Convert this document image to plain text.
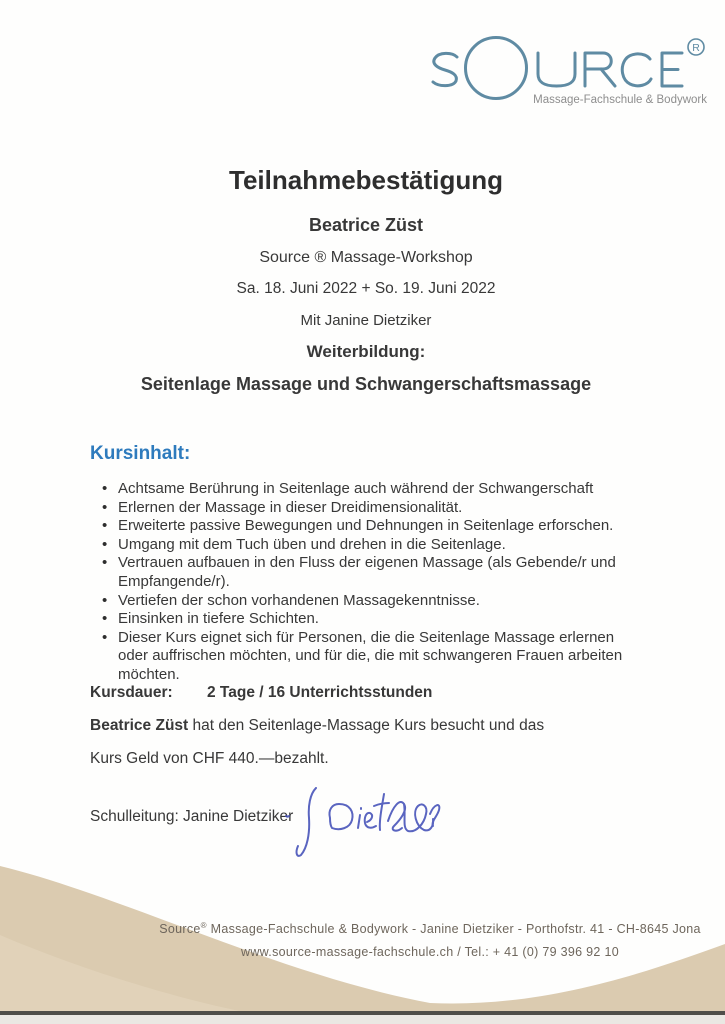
R
Massage-Fachschule & Bodywork
Teilnahmebestätigung
Beatrice Züst
Source ® Massage-Workshop
Sa. 18. Juni 2022 + So. 19. Juni 2022
Mit Janine Dietziker
Weiterbildung:
Seitenlage Massage und Schwangerschaftsmassage
Kursinhalt:
• Achtsame Berührung in Seitenlage auch während der Schwangerschaft
• Erlernen der Massage in dieser Dreidimensionalität.
• Erweiterte passive Bewegungen und Dehnungen in Seitenlage erforschen.
• Umgang mit dem Tuch üben und drehen in die Seitenlage.
• Vertrauen aufbauen in den Fluss der eigenen Massage (als Gebende/r und Empfangende/r).
• Vertiefen der schon vorhandenen Massagekenntnisse.
• Einsinken in tiefere Schichten.
• Dieser Kurs eignet sich für Personen, die die Seitenlage Massage erlernen oder auffrischen möchten, und für die, die mit schwangeren Frauen arbeiten möchten.
Kursdauer: 2 Tage / 16 Unterrichtsstunden
Beatrice Züst hat den Seitenlage-Massage Kurs besucht und das
Kurs Geld von CHF 440.—bezahlt.
Schulleitung: Janine Dietziker
Source® Massage-Fachschule & Bodywork - Janine Dietziker - Porthofstr. 41 - CH-8645 Jona
www.source-massage-fachschule.ch / Tel.: + 41 (0) 79 396 92 10
